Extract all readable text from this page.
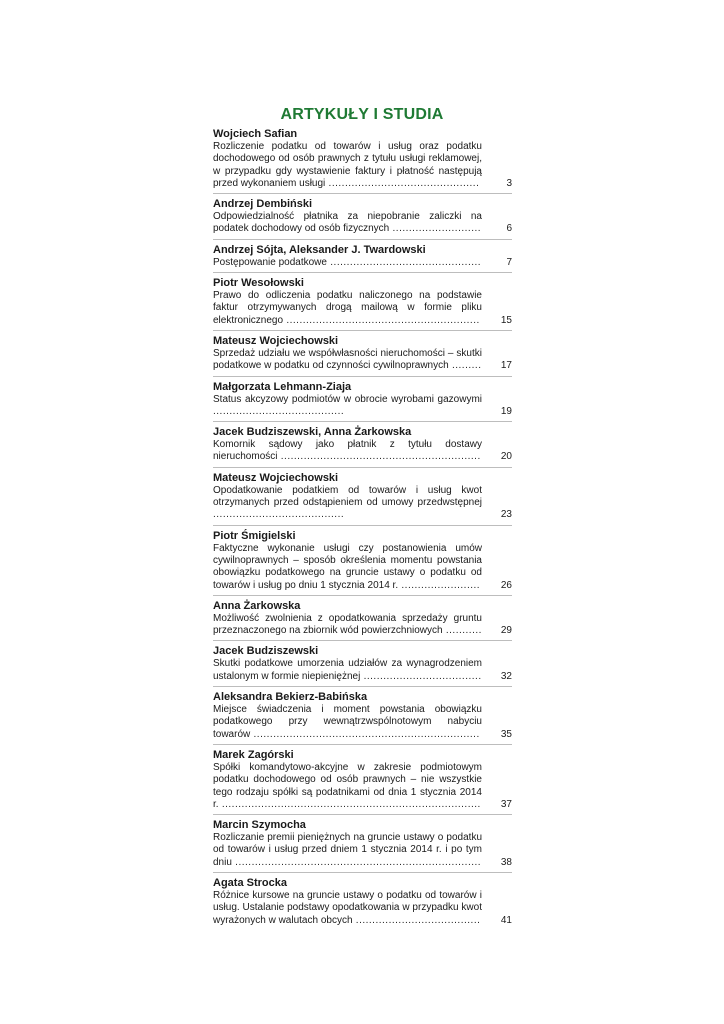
ARTYKUŁY I STUDIA
Wojciech Safian
Rozliczenie podatku od towarów i usług oraz podatku dochodowego od osób prawnych z tytułu usługi reklamowej, w przypadku gdy wystawienie faktury i płatność następują przed wykonaniem usługi ..............................................	3
Andrzej Dembiński
Odpowiedzialność płatnika za niepobranie zaliczki na podatek dochodowy od osób fizycznych ...........................	6
Andrzej Sójta, Aleksander J. Twardowski
Postępowanie podatkowe ..............................................	7
Piotr Wesołowski
Prawo do odliczenia podatku naliczonego na podstawie faktur otrzymywanych drogą mailową w formie pliku elektronicznego ...........................................................	15
Mateusz Wojciechowski
Sprzedaż udziału we współwłasności nieruchomości – skutki podatkowe w podatku od czynności cywilnoprawnych .........	17
Małgorzata Lehmann-Ziaja
Status akcyzowy podmiotów w obrocie wyrobami gazowymi ........................................	19
Jacek Budziszewski, Anna Żarkowska
Komornik sądowy jako płatnik z tytułu dostawy nieruchomości .............................................................	20
Mateusz Wojciechowski
Opodatkowanie podatkiem od towarów i usług kwot otrzymanych przed odstąpieniem od umowy przedwstępnej ........................................	23
Piotr Śmigielski
Faktyczne wykonanie usługi czy postanowienia umów cywilnoprawnych – sposób określenia momentu powstania obowiązku podatkowego na gruncie ustawy o podatku od towarów i usług po dniu 1 stycznia 2014 r. ........................	26
Anna Żarkowska
Możliwość zwolnienia z opodatkowania sprzedaży gruntu przeznaczonego na zbiornik wód powierzchniowych ...........	29
Jacek Budziszewski
Skutki podatkowe umorzenia udziałów za wynagrodzeniem ustalonym w formie niepieniężnej ....................................	32
Aleksandra Bekierz-Babińska
Miejsce świadczenia i moment powstania obowiązku podatkowego przy wewnątrzwspólnotowym nabyciu towarów .....................................................................	35
Marek Zagórski
Spółki komandytowo-akcyjne w zakresie podmiotowym podatku dochodowego od osób prawnych – nie wszystkie tego rodzaju spółki są podatnikami od dnia 1 stycznia 2014 r. ...............................................................................	37
Marcin Szymocha
Rozliczanie premii pieniężnych na gruncie ustawy o podatku od towarów i usług przed dniem 1 stycznia 2014 r. i po tym dniu ...........................................................................	38
Agata Strocka
Różnice kursowe na gruncie ustawy o podatku od towarów i usług. Ustalanie podstawy opodatkowania w przypadku kwot wyrażonych w walutach obcych ......................................	41
